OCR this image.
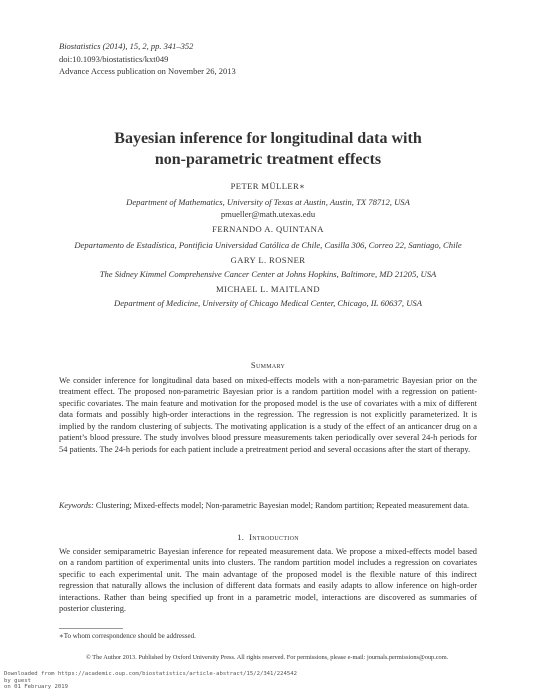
Biostatistics (2014), 15, 2, pp. 341–352
doi:10.1093/biostatistics/kxt049
Advance Access publication on November 26, 2013
Bayesian inference for longitudinal data with
non-parametric treatment effects
PETER MÜLLER∗
Department of Mathematics, University of Texas at Austin, Austin, TX 78712, USA
pmueller@math.utexas.edu
FERNANDO A. QUINTANA
Departamento de Estadística, Pontificia Universidad Católica de Chile, Casilla 306, Correo 22, Santiago, Chile
GARY L. ROSNER
The Sidney Kimmel Comprehensive Cancer Center at Johns Hopkins, Baltimore, MD 21205, USA
MICHAEL L. MAITLAND
Department of Medicine, University of Chicago Medical Center, Chicago, IL 60637, USA
Summary
We consider inference for longitudinal data based on mixed-effects models with a non-parametric Bayesian prior on the treatment effect. The proposed non-parametric Bayesian prior is a random partition model with a regression on patient-specific covariates. The main feature and motivation for the proposed model is the use of covariates with a mix of different data formats and possibly high-order interactions in the regression. The regression is not explicitly parameterized. It is implied by the random clustering of subjects. The motivating application is a study of the effect of an anticancer drug on a patient’s blood pressure. The study involves blood pressure measurements taken periodically over several 24-h periods for 54 patients. The 24-h periods for each patient include a pretreatment period and several occasions after the start of therapy.
Keywords: Clustering; Mixed-effects model; Non-parametric Bayesian model; Random partition; Repeated measurement data.
1. Introduction
We consider semiparametric Bayesian inference for repeated measurement data. We propose a mixed-effects model based on a random partition of experimental units into clusters. The random partition model includes a regression on covariates specific to each experimental unit. The main advantage of the proposed model is the flexible nature of this indirect regression that naturally allows the inclusion of different data formats and easily adapts to allow inference on high-order interactions. Rather than being specified up front in a parametric model, interactions are discovered as summaries of posterior clustering.
∗To whom correspondence should be addressed.
© The Author 2013. Published by Oxford University Press. All rights reserved. For permissions, please e-mail: journals.permissions@oup.com.
Downloaded from https://academic.oup.com/biostatistics/article-abstract/15/2/341/224542
by guest
on 01 February 2019
